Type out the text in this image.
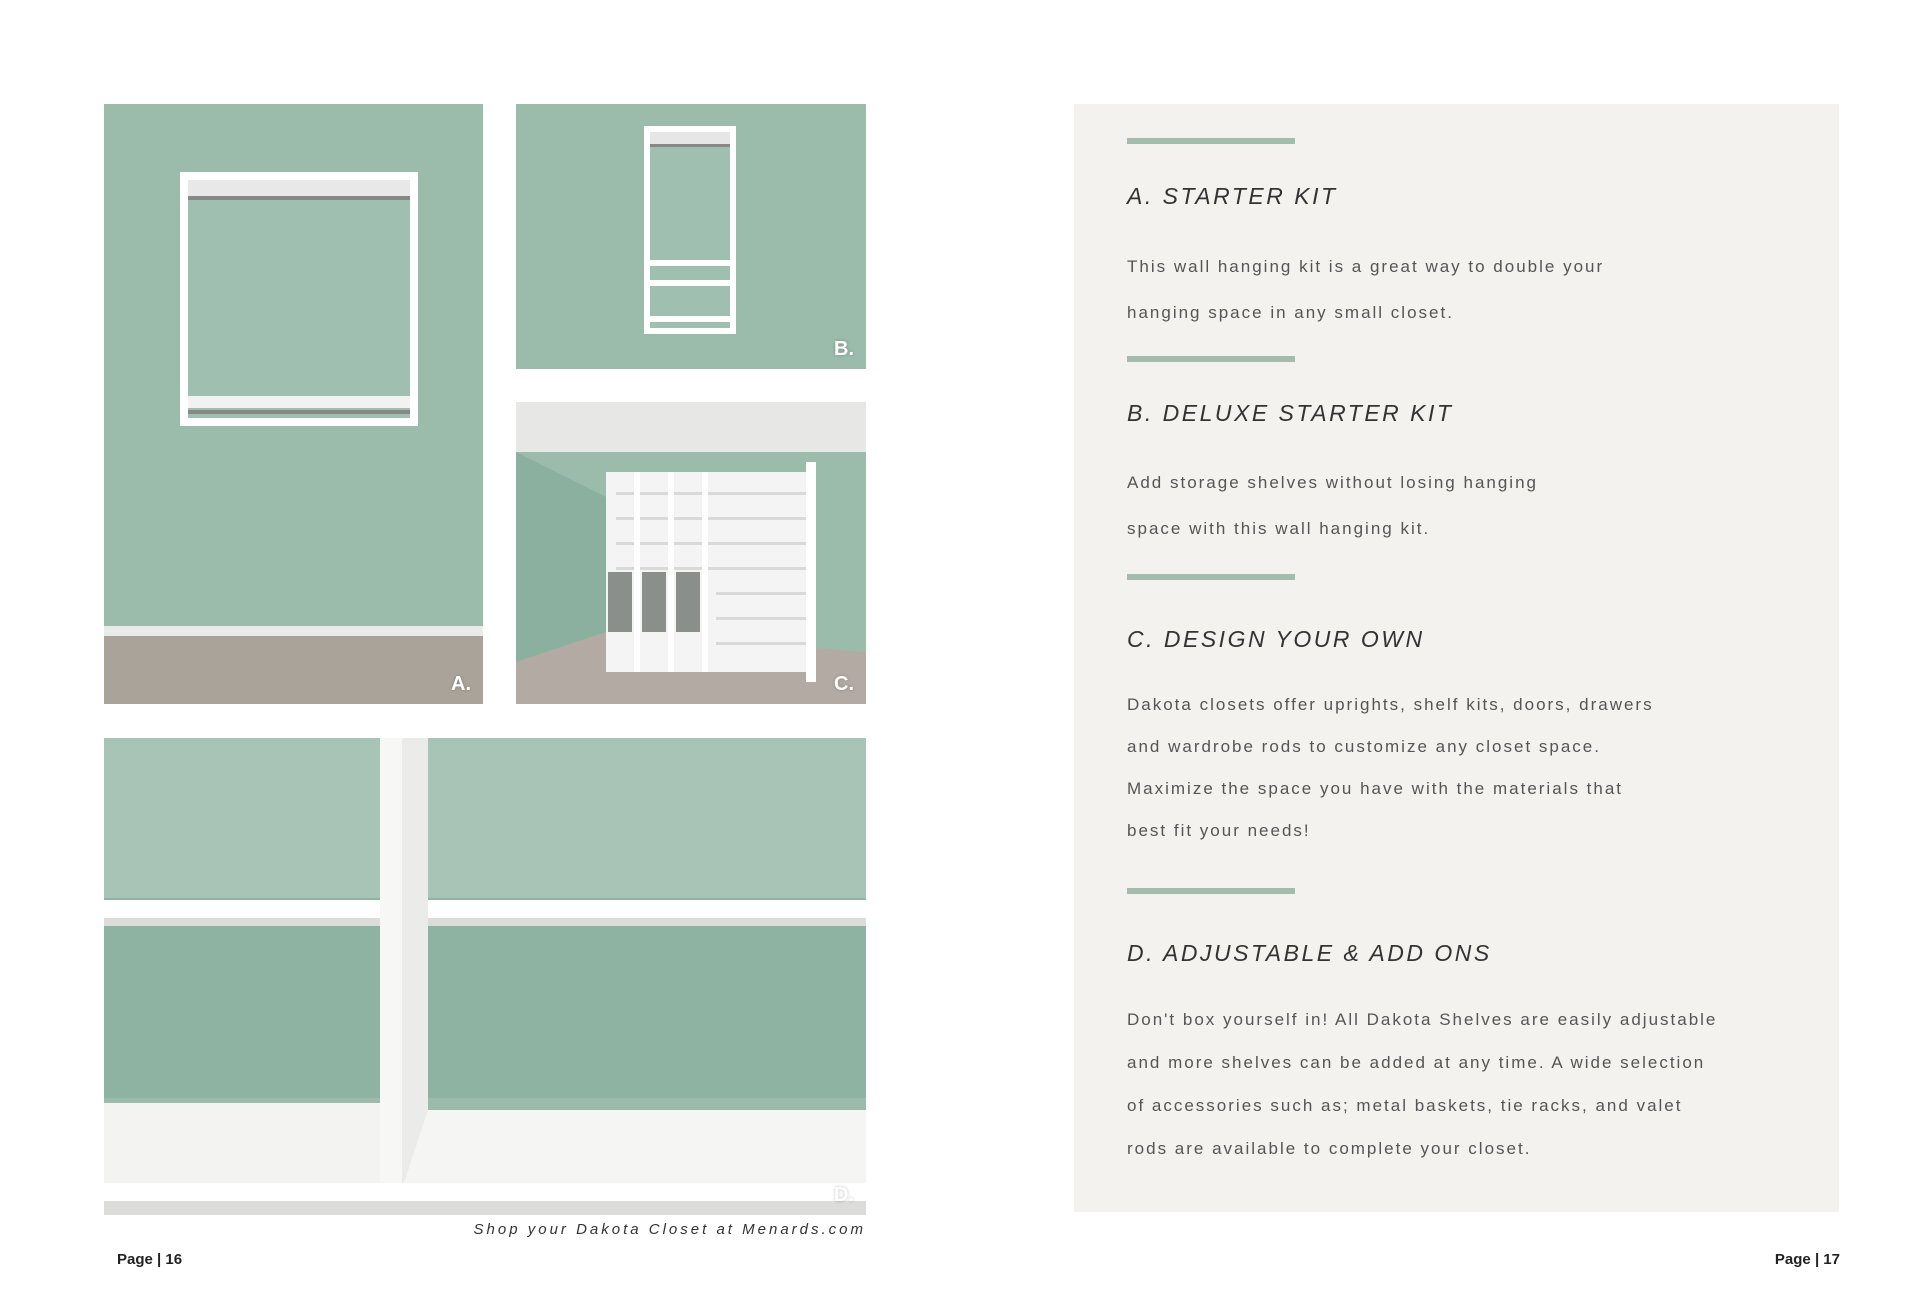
A.
B.
C.
D.
Shop your Dakota Closet at Menards.com
Page | 16	Page | 17
A. STARTER KIT

This wall hanging kit is a great way to double your hanging space in any small closet.

B. DELUXE STARTER KIT

Add storage shelves without losing hanging space with this wall hanging kit.

C. DESIGN YOUR OWN

Dakota closets offer uprights, shelf kits, doors, drawers and wardrobe rods to customize any closet space. Maximize the space you have with the materials that best fit your needs!

D. ADJUSTABLE & ADD ONS

Don't box yourself in! All Dakota Shelves are easily adjustable and more shelves can be added at any time. A wide selection of accessories such as; metal baskets, tie racks, and valet rods are available to complete your closet.
